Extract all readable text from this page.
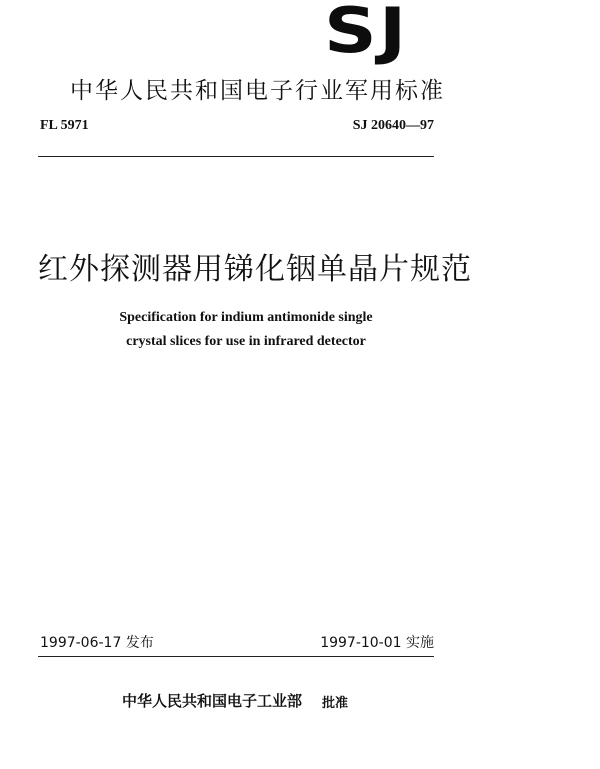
SJ
中华人民共和国电子行业军用标准
FL 5971	SJ 20640—97
红外探测器用锑化铟单晶片规范
Specification for indium antimonide single
crystal slices for use in infrared detector
1997-06-17 发布	1997-10-01 实施
中华人民共和国电子工业部 批准
